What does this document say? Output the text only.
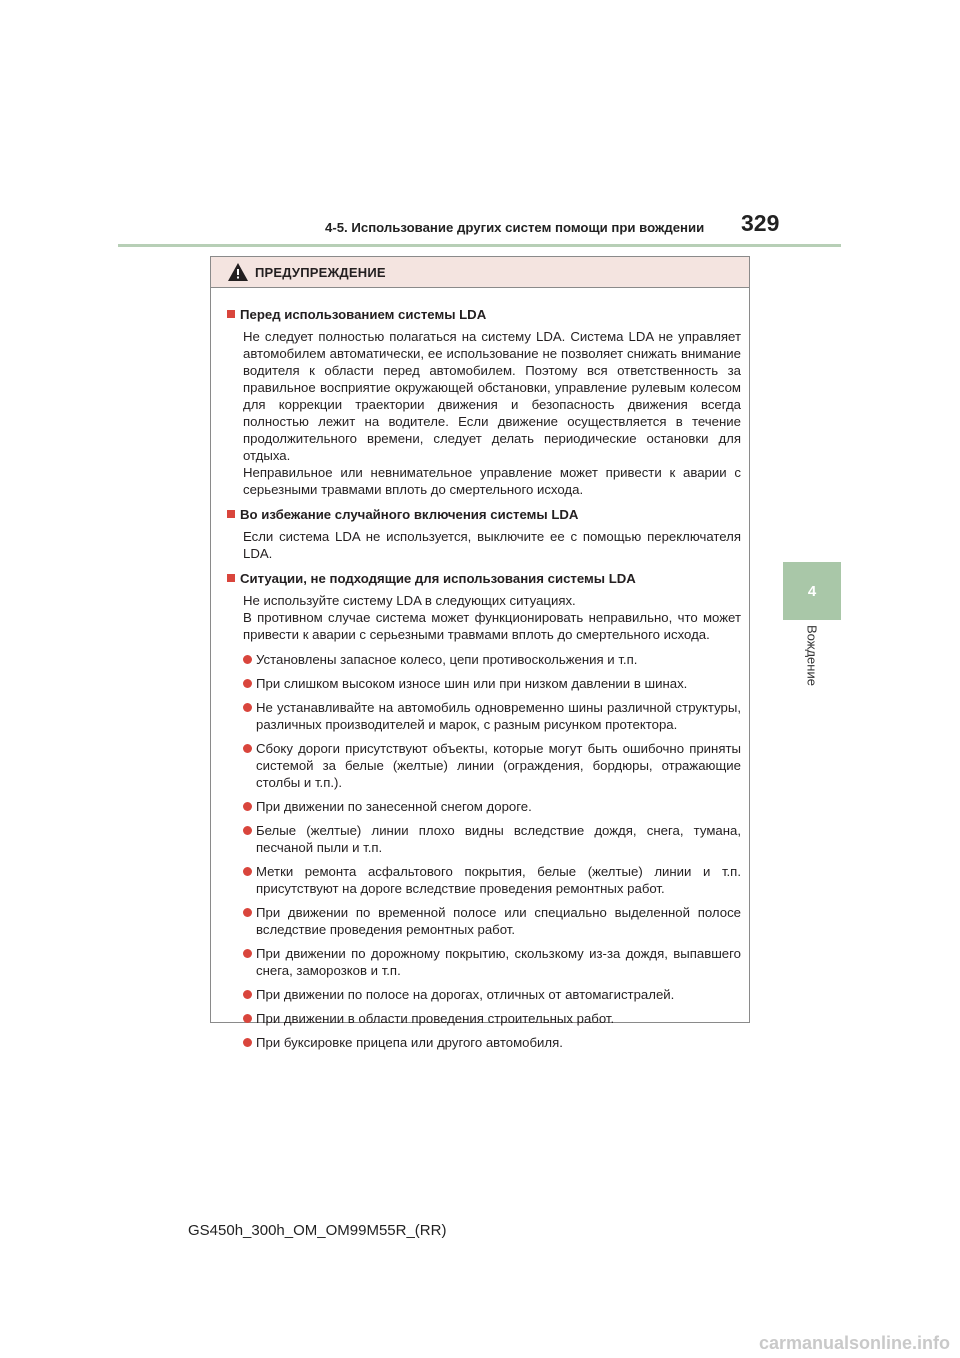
4-5. Использование других систем помощи при вождении 329
4
Вождение
ПРЕДУПРЕЖДЕНИЕ
Перед использованием системы LDA
Не следует полностью полагаться на систему LDA. Система LDA не управляет автомобилем автоматически, ее использование не позволяет снижать внимание водителя к области перед автомобилем. Поэтому вся ответственность за правильное восприятие окружающей обстановки, управление рулевым колесом для коррекции траектории движения и безопасность движения всегда полностью лежит на водителе. Если движение осуществляется в течение продолжительного времени, следует делать периодические остановки для отдыха.
Неправильное или невнимательное управление может привести к аварии с серьезными травмами вплоть до смертельного исхода.
Во избежание случайного включения системы LDA
Если система LDA не используется, выключите ее с помощью переключателя LDA.
Ситуации, не подходящие для использования системы LDA
Не используйте систему LDA в следующих ситуациях.
В противном случае система может функционировать неправильно, что может привести к аварии с серьезными травмами вплоть до смертельного исхода.
Установлены запасное колесо, цепи противоскольжения и т.п.
При слишком высоком износе шин или при низком давлении в шинах.
Не устанавливайте на автомобиль одновременно шины различной структуры, различных производителей и марок, с разным рисунком протектора.
Сбоку дороги присутствуют объекты, которые могут быть ошибочно приняты системой за белые (желтые) линии (ограждения, бордюры, отражающие столбы и т.п.).
При движении по занесенной снегом дороге.
Белые (желтые) линии плохо видны вследствие дождя, снега, тумана, песчаной пыли и т.п.
Метки ремонта асфальтового покрытия, белые (желтые) линии и т.п. присутствуют на дороге вследствие проведения ремонтных работ.
При движении по временной полосе или специально выделенной полосе вследствие проведения ремонтных работ.
При движении по дорожному покрытию, скользкому из-за дождя, выпавшего снега, заморозков и т.п.
При движении по полосе на дорогах, отличных от автомагистралей.
При движении в области проведения строительных работ.
При буксировке прицепа или другого автомобиля.
GS450h_300h_OM_OM99M55R_(RR)
carmanualsonline.info
